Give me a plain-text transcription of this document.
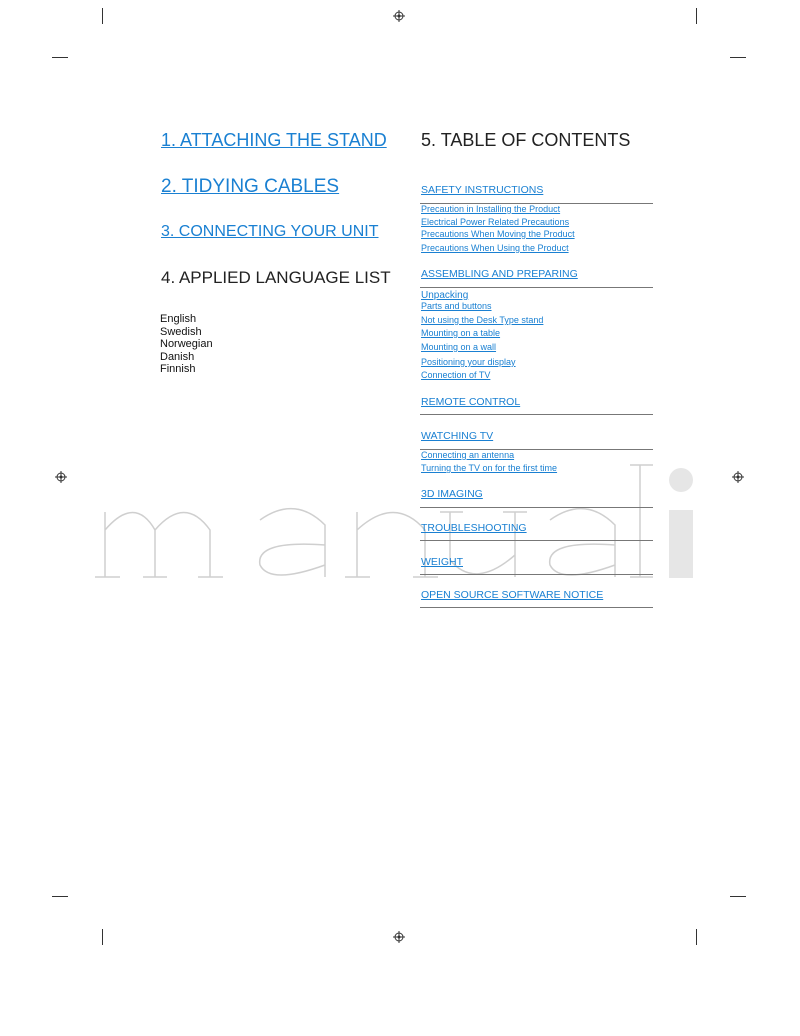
1. ATTACHING THE STAND
2. TIDYING CABLES
3. CONNECTING YOUR UNIT
4. APPLIED LANGUAGE LIST
English
Swedish
Norwegian
Danish
Finnish
5. TABLE OF CONTENTS
SAFETY INSTRUCTIONS
Precaution in Installing the Product
Electrical Power Related Precautions
Precautions When Moving the Product
Precautions When Using the Product
ASSEMBLING AND PREPARING
Unpacking
Parts and buttons
Not using the Desk Type stand
Mounting on a table
Mounting on a wall
Positioning your display
Connection of TV
REMOTE CONTROL
WATCHING TV
Connecting an antenna
Turning the TV on for the first time
3D IMAGING
TROUBLESHOOTING
WEIGHT
OPEN SOURCE SOFTWARE NOTICE
